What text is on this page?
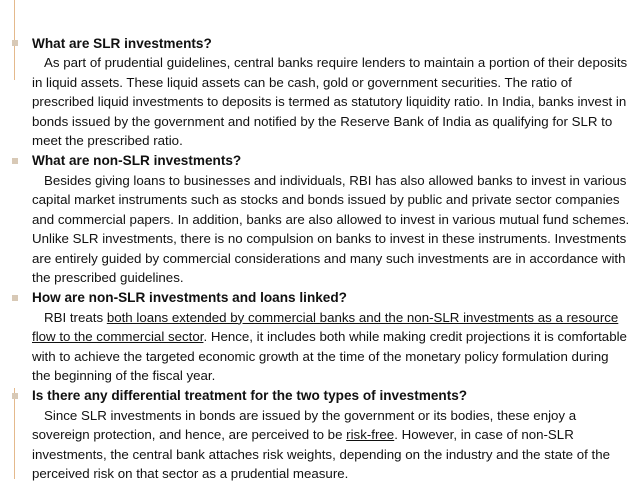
What are SLR investments?

As part of prudential guidelines, central banks require lenders to maintain a portion of their deposits in liquid assets. These liquid assets can be cash, gold or government securities. The ratio of prescribed liquid investments to deposits is termed as statutory liquidity ratio. In India, banks invest in bonds issued by the government and notified by the Reserve Bank of India as qualifying for SLR to meet the prescribed ratio.

What are non-SLR investments?

Besides giving loans to businesses and individuals, RBI has also allowed banks to invest in various capital market instruments such as stocks and bonds issued by public and private sector companies and commercial papers. In addition, banks are also allowed to invest in various mutual fund schemes. Unlike SLR investments, there is no compulsion on banks to invest in these instruments. Investments are entirely guided by commercial considerations and many such investments are in accordance with the prescribed guidelines.

How are non-SLR investments and loans linked?

RBI treats both loans extended by commercial banks and the non-SLR investments as a resource flow to the commercial sector. Hence, it includes both while making credit projections it is comfortable with to achieve the targeted economic growth at the time of the monetary policy formulation during the beginning of the fiscal year.

Is there any differential treatment for the two types of investments?

Since SLR investments in bonds are issued by the government or its bodies, these enjoy a sovereign protection, and hence, are perceived to be risk-free. However, in case of non-SLR investments, the central bank attaches risk weights, depending on the industry and the state of the perceived risk on that sector as a prudential measure.
